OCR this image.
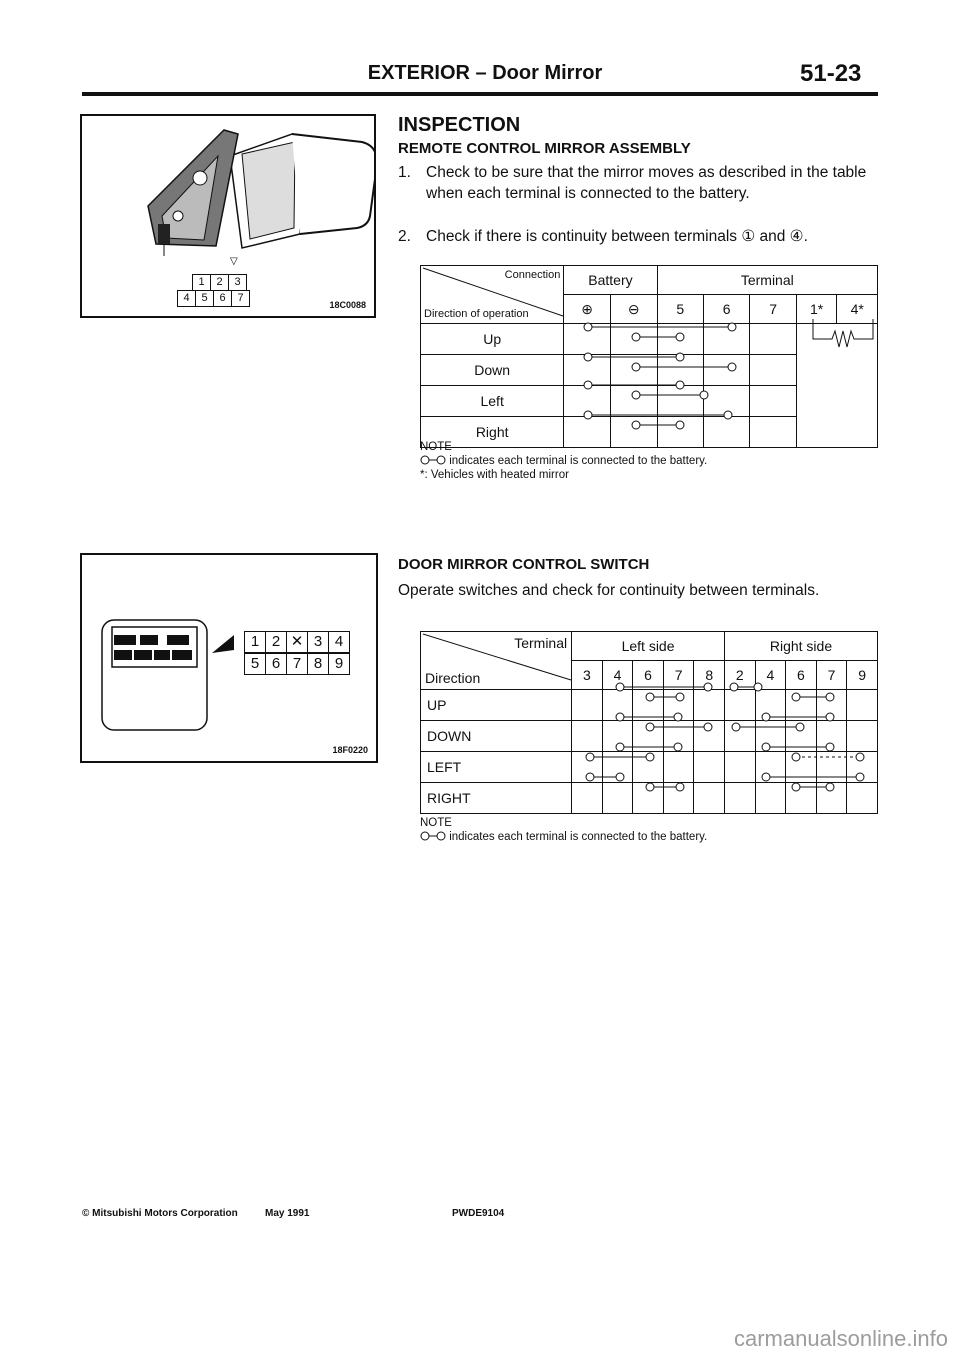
EXTERIOR – Door Mirror	51-23
▽
1 2 3
4 5 6 7
18C0088
INSPECTION
REMOTE CONTROL MIRROR ASSEMBLY
1. Check to be sure that the mirror moves as described in the table when each terminal is connected to the battery.
2. Check if there is continuity between terminals ① and ④.
Connection
Direction of operation	Battery		Terminal				
	⊕	⊖	5	6	7	1*	4*
Up							
Down							
Left							
Right							
NOTE
indicates each terminal is connected to the battery.
*: Vehicles with heated mirror
1 2 ✕ 3 4
5 6 7 8 9
18F0220
DOOR MIRROR CONTROL SWITCH
Operate switches and check for continuity between terminals.
Terminal
Direction	Left side					Right side				
	3	4	6	7	8	2	4	6	7	9
UP										
DOWN										
LEFT										
RIGHT										
NOTE
indicates each terminal is connected to the battery.
© Mitsubishi Motors Corporation	May 1991	PWDE9104
carmanualsonline.info
